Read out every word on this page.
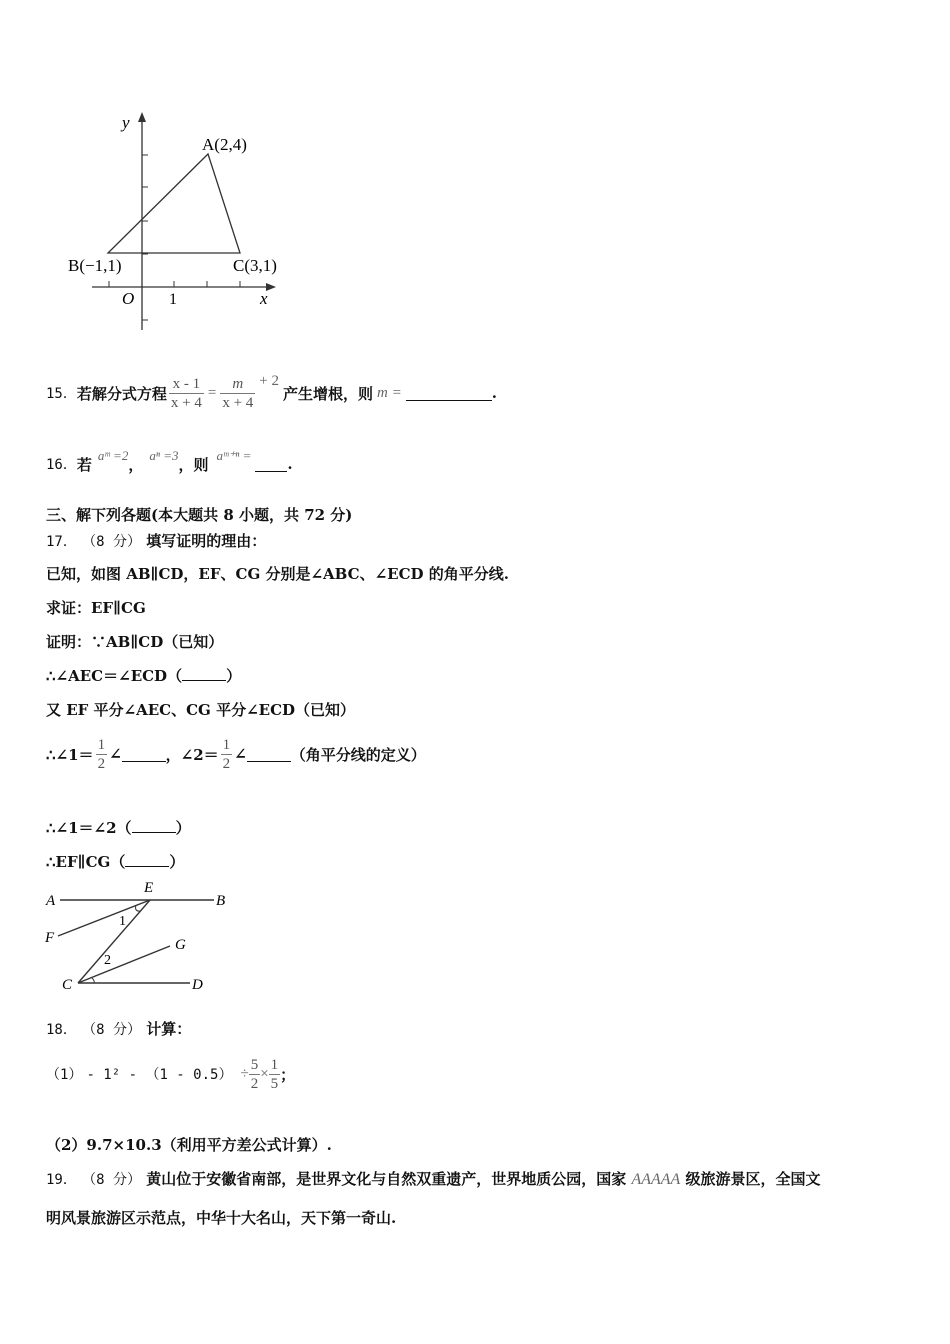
y
x
O 1
A(2,4)
B(−1,1)	C(3,1)
15． 若解分式方程 $\frac{x - 1}{x + 4} = \frac{m}{x + 4} + 2$
产生增根，则 m =	.
16． 若 aᵐ =2 ， aⁿ =3 ，则 aᵐ⁺ⁿ = .
三、解下列各题(本大题共 8 小题，共 72 分)
17． （8 分） 填写证明的理由：
已知，如图 AB∥CD，EF、CG 分别是∠ABC、∠ECD 的角平分线.
求证：EF∥CG
证明：∵AB∥CD（已知）
∴∠AEC＝∠ECD（	）
又 EF 平分∠AEC、CG 平分∠ECD（已知）
∴∠1＝ $\frac{1}{2}$ ∠	，∠2＝ $\frac{1}{2}$ ∠	（角平分线的定义）
∴∠1＝∠2（	）
∴EF∥CG（	）
A	B
E
F	G
C	D
1
2
18． （8 分） 计算：
$(1) - 1^2 - (1 - 0.5) \div \frac{5}{2} \times \frac{1}{5}$ ；
（2）9.7×10.3（利用平方差公式计算）.
19． （8 分） 黄山位于安徽省南部，是世界文化与自然双重遗产，世界地质公园，国家 AAAAA 级旅游景区，全国文
明风景旅游区示范点，中华十大名山，天下第一奇山.
